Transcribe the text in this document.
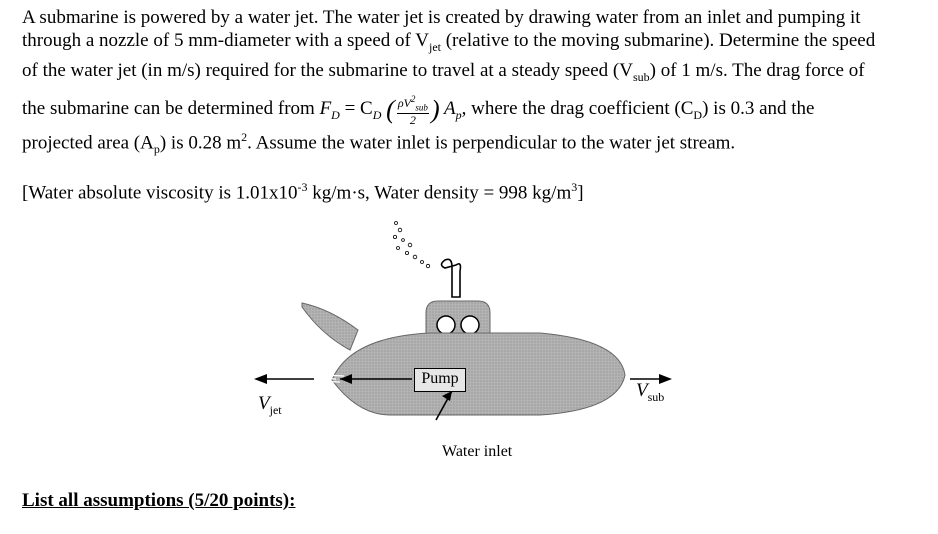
A submarine is powered by a water jet. The water jet is created by drawing water from an inlet and pumping it
through a nozzle of 5 mm-diameter with a speed of $V_{jet}$ (relative to the moving submarine). Determine the speed
of the water jet (in m/s) required for the submarine to travel at a steady speed $(V_{sub})$ of 1 m/s. The drag force of
the submarine can be determined from $F_D = C_D$ ( $\frac{\rho V^2_{sub}}{2}$ ) $A_p$, where the drag coefficient $(C_D)$ is 0.3 and the
projected area $(A_p)$ is 0.28 $m^2$. Assume the water inlet is perpendicular to the water jet stream.
[Water absolute viscosity is $1.01x10^{-3}$ kg/m·s, Water density = 998 $kg/m^3$]
Pump
$V_{jet}$
$V_{sub}$
Water inlet
List all assumptions (5/20 points):
